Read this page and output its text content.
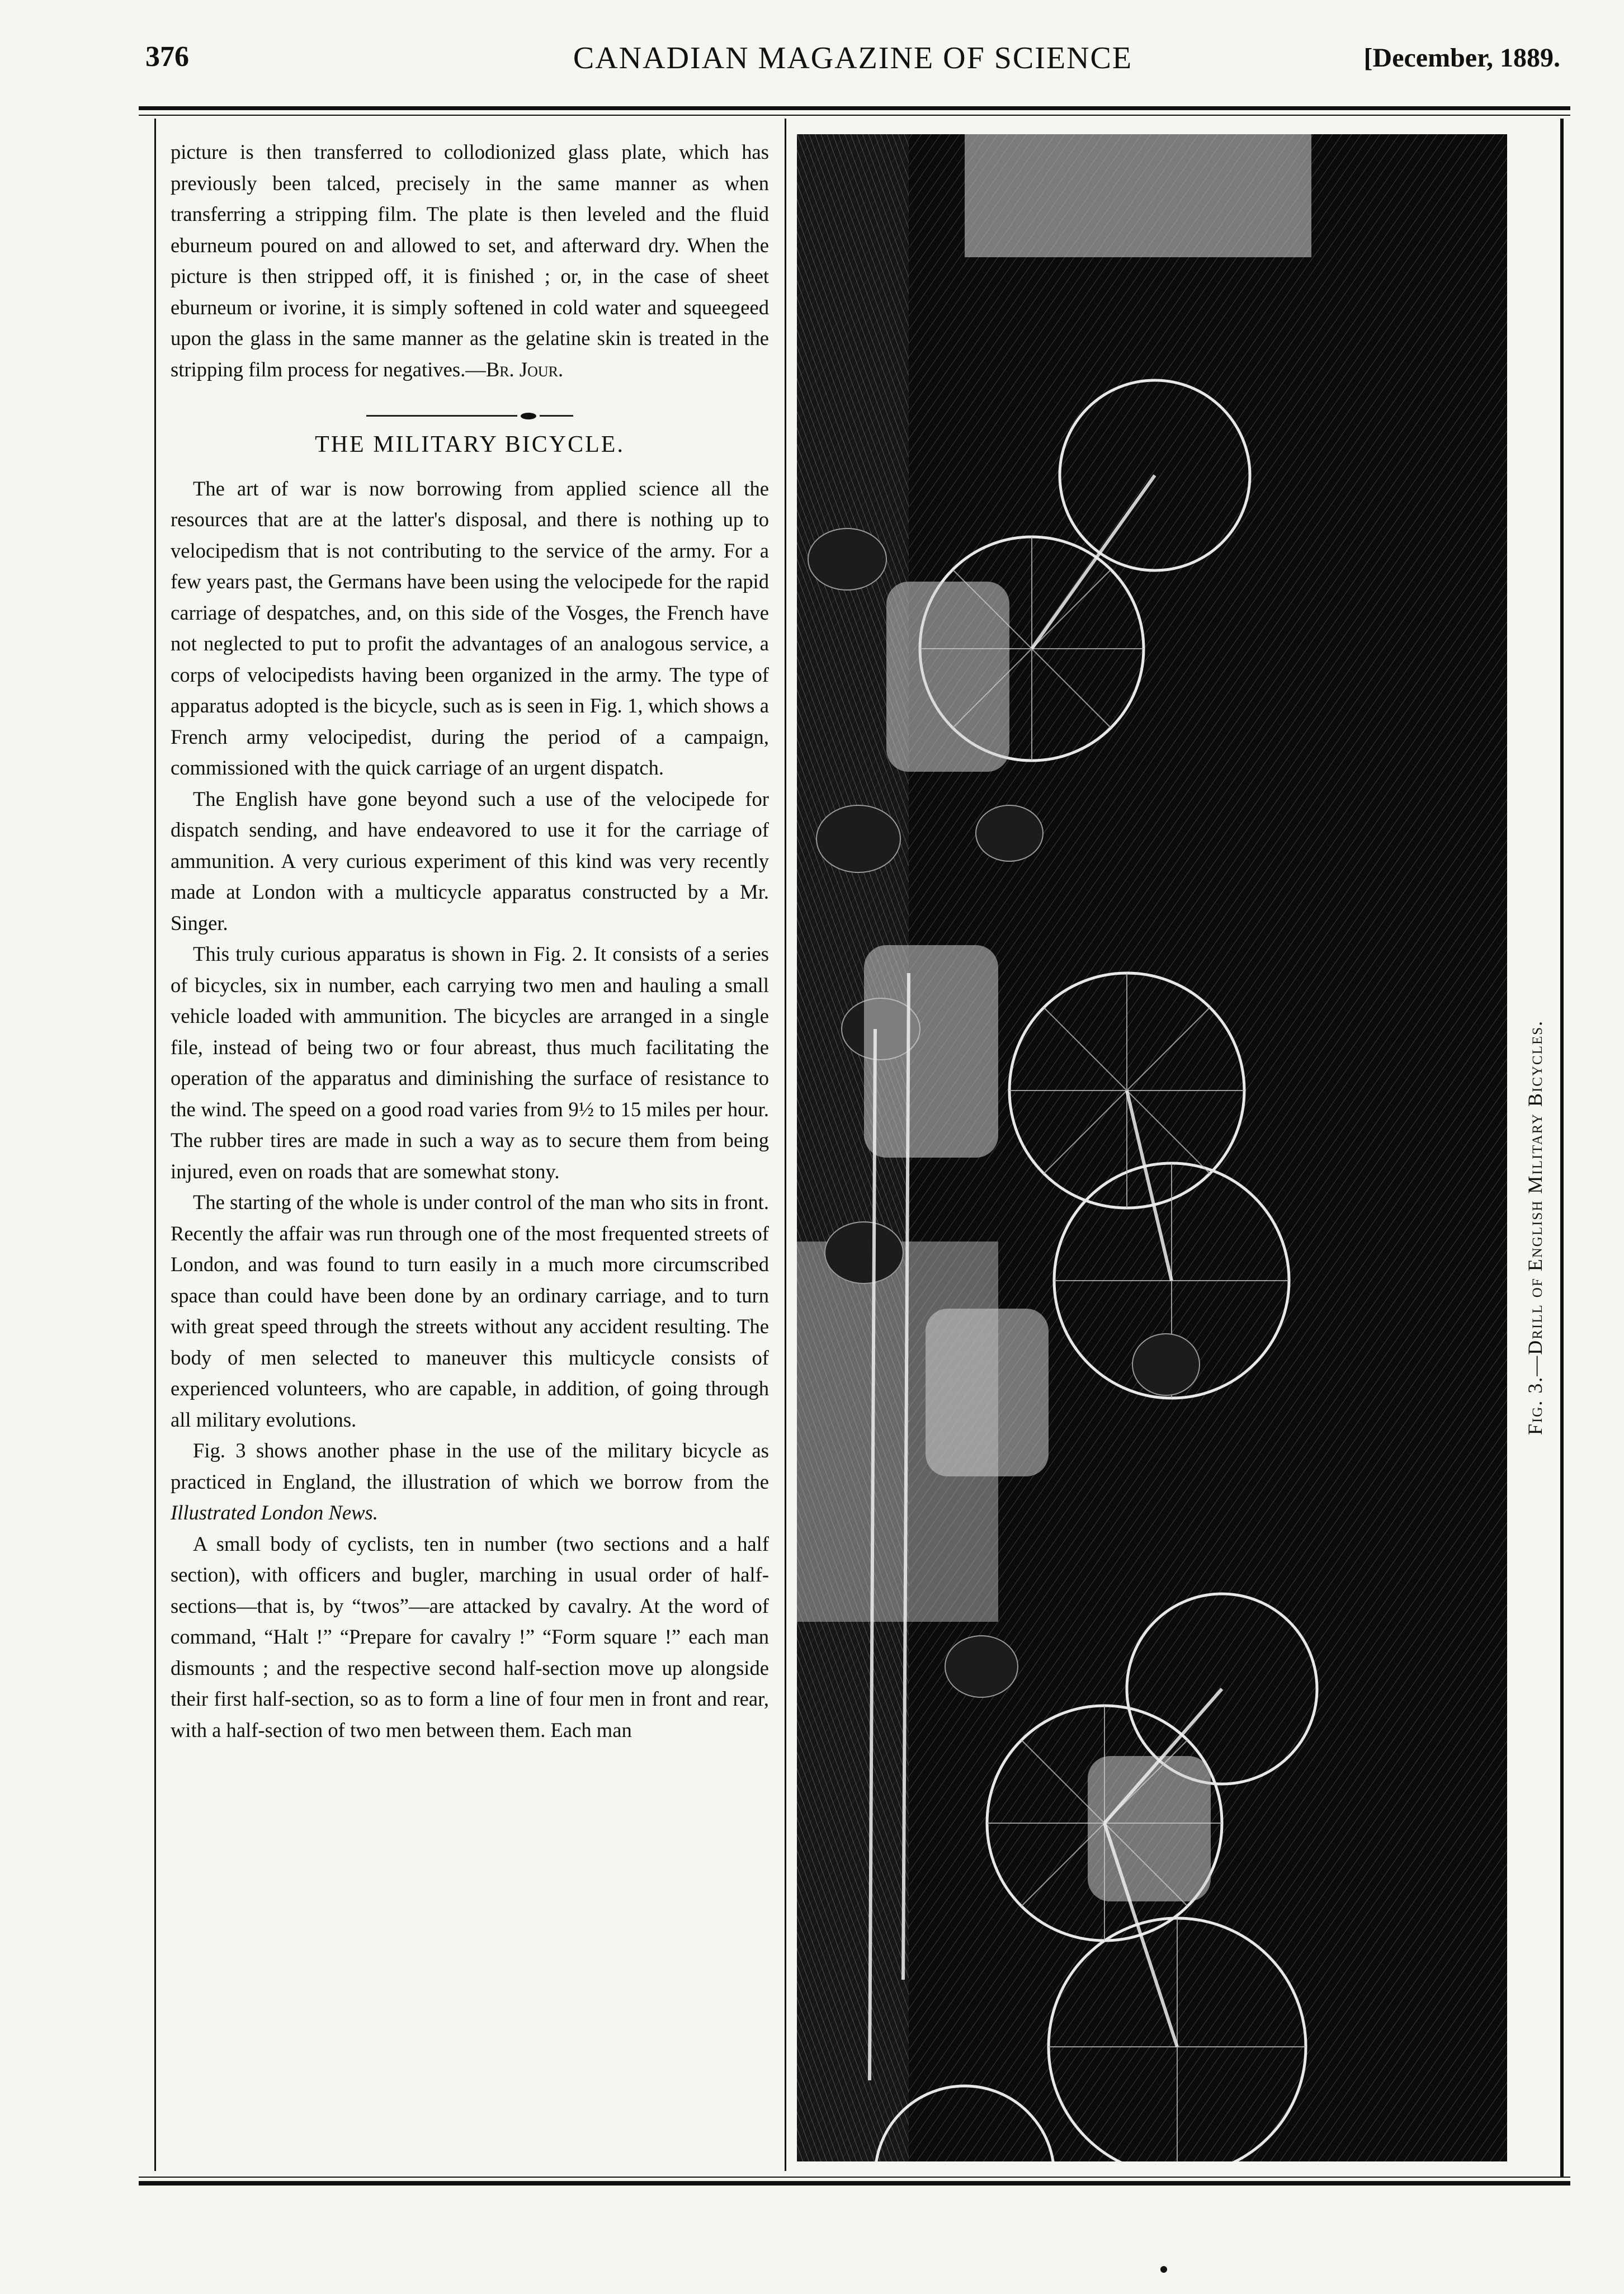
376	CANADIAN MAGAZINE OF SCIENCE	[December, 1889.

picture is then transferred to collodionized glass plate, which has previously been talced, precisely in the same manner as when transferring a stripping film. The plate is then leveled and the fluid eburneum poured on and allowed to set, and afterward dry. When the picture is then stripped off, it is finished ; or, in the case of sheet eburneum or ivorine, it is simply softened in cold water and squeegeed upon the glass in the same manner as the gelatine skin is treated in the stripping film process for negatives.—Br. Jour.

THE MILITARY BICYCLE.

The art of war is now borrowing from applied science all the resources that are at the latter's disposal, and there is nothing up to velocipedism that is not contributing to the service of the army. For a few years past, the Germans have been using the velocipede for the rapid carriage of despatches, and, on this side of the Vosges, the French have not neglected to put to profit the advantages of an analogous service, a corps of velocipedists having been organized in the army. The type of apparatus adopted is the bicycle, such as is seen in Fig. 1, which shows a French army velocipedist, during the period of a campaign, commissioned with the quick carriage of an urgent dispatch.

The English have gone beyond such a use of the velocipede for dispatch sending, and have endeavored to use it for the carriage of ammunition. A very curious experiment of this kind was very recently made at London with a multicycle apparatus constructed by a Mr. Singer.

This truly curious apparatus is shown in Fig. 2. It consists of a series of bicycles, six in number, each carrying two men and hauling a small vehicle loaded with ammunition. The bicycles are arranged in a single file, instead of being two or four abreast, thus much facilitating the operation of the apparatus and diminishing the surface of resistance to the wind. The speed on a good road varies from 9½ to 15 miles per hour. The rubber tires are made in such a way as to secure them from being injured, even on roads that are somewhat stony.

The starting of the whole is under control of the man who sits in front. Recently the affair was run through one of the most frequented streets of London, and was found to turn easily in a much more circumscribed space than could have been done by an ordinary carriage, and to turn with great speed through the streets without any accident resulting. The body of men selected to maneuver this multicycle consists of experienced volunteers, who are capable, in addition, of going through all military evolutions.

Fig. 3 shows another phase in the use of the military bicycle as practiced in England, the illustration of which we borrow from the Illustrated London News.

A small body of cyclists, ten in number (two sections and a half section), with officers and bugler, marching in usual order of half-sections—that is, by “twos”—are attacked by cavalry. At the word of command, “Halt !” “Prepare for cavalry !” “Form square !” each man dismounts ; and the respective second half-section move up alongside their first half-section, so as to form a line of four men in front and rear, with a half-section of two men between them. Each man

Fig. 3.—Drill of English Military Bicycles.
